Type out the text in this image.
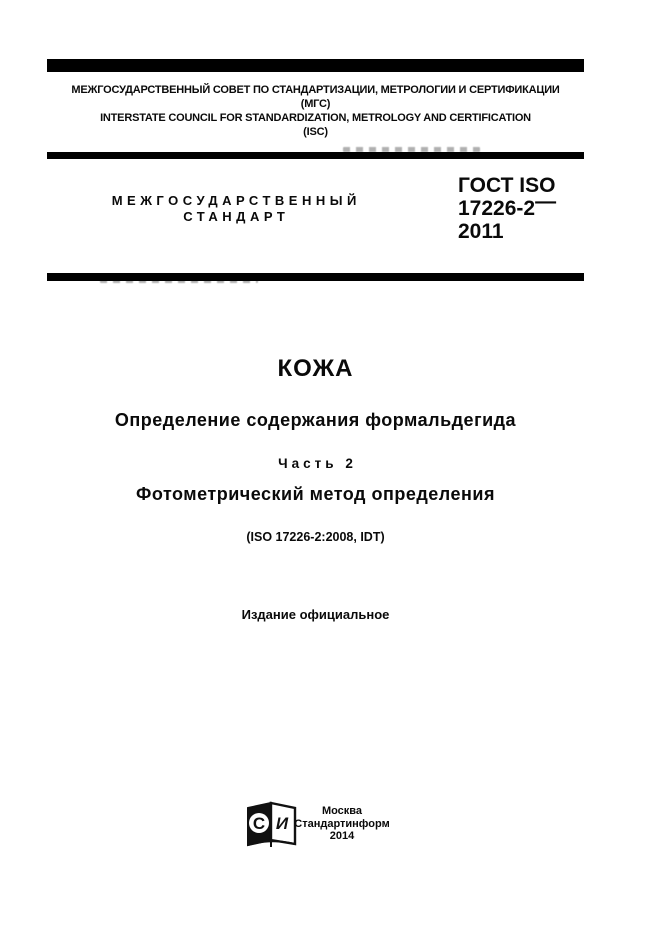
МЕЖГОСУДАРСТВЕННЫЙ СОВЕТ ПО СТАНДАРТИЗАЦИИ, МЕТРОЛОГИИ И СЕРТИФИКАЦИИ
(МГС)
INTERSTATE COUNCIL FOR STANDARDIZATION, METROLOGY AND CERTIFICATION
(ISC)
МЕЖГОСУДАРСТВЕННЫЙ
СТАНДАРТ
ГОСТ ISO
17226-2—
2011
КОЖА
Определение содержания формальдегида
Часть 2
Фотометрический метод определения
(ISO 17226-2:2008, IDT)
Издание официальное
С И
Москва
Стандартинформ
2014
